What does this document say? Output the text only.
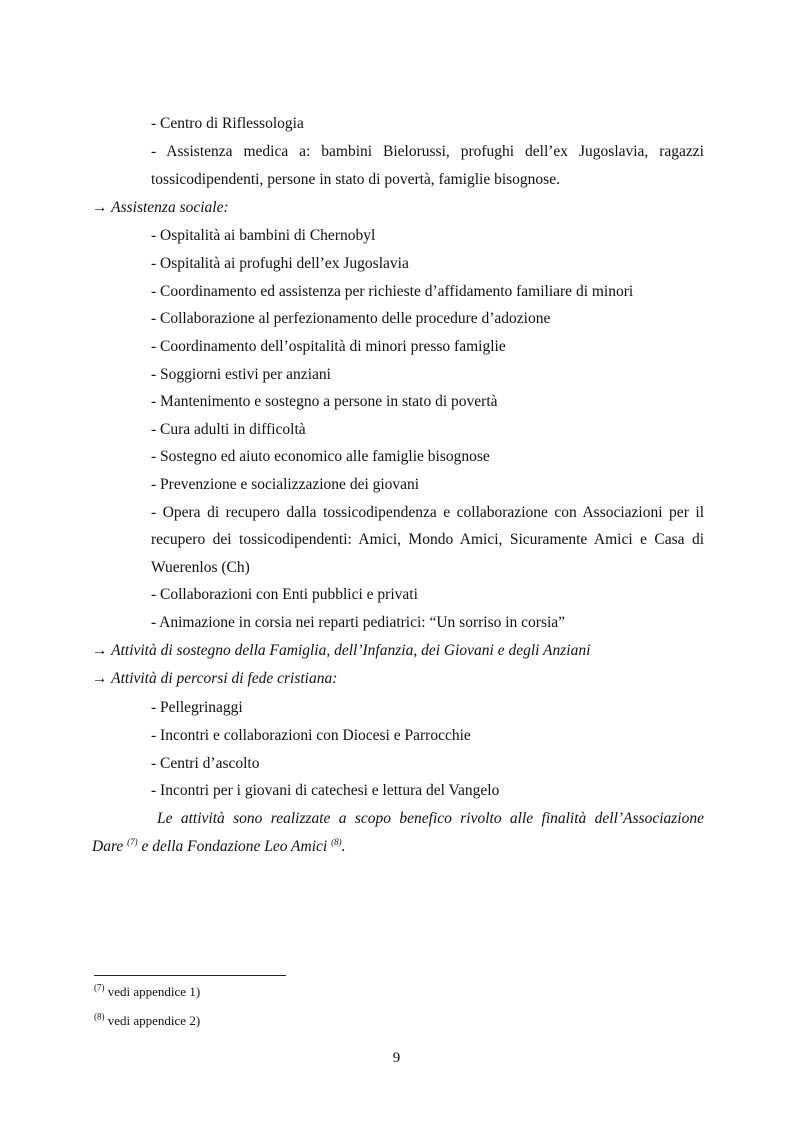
- Centro di Riflessologia
- Assistenza medica a: bambini Bielorussi, profughi dell’ex Jugoslavia, ragazzi
tossicodipendenti, persone in stato di povertà, famiglie bisognose.
→ Assistenza sociale:
- Ospitalità ai bambini di Chernobyl
- Ospitalità ai profughi dell’ex Jugoslavia
- Coordinamento ed assistenza per richieste d’affidamento familiare di minori
- Collaborazione al perfezionamento delle procedure d’adozione
- Coordinamento dell’ospitalità di minori presso famiglie
- Soggiorni estivi per anziani
- Mantenimento e sostegno a persone in stato di povertà
- Cura adulti in difficoltà
- Sostegno ed aiuto economico alle famiglie bisognose
- Prevenzione e socializzazione dei giovani
- Opera di recupero dalla tossicodipendenza e collaborazione con Associazioni per il
recupero dei tossicodipendenti: Amici, Mondo Amici, Sicuramente Amici e Casa di
Wuerenlos (Ch)
- Collaborazioni con Enti pubblici e privati
- Animazione in corsia nei reparti pediatrici: “Un sorriso in corsia”
→ Attività di sostegno della Famiglia, dell’Infanzia, dei Giovani e degli Anziani
→ Attività di percorsi di fede cristiana:
- Pellegrinaggi
- Incontri e collaborazioni con Diocesi e Parrocchie
- Centri d’ascolto
- Incontri per i giovani di catechesi e lettura del Vangelo
Le attività sono realizzate a scopo benefico rivolto alle finalità dell’Associazione
Dare $^{(7)}$ e della Fondazione Leo Amici $^{(8)}$.
$^{(7)}$ vedi appendice 1)
$^{(8)}$ vedi appendice 2)
9
